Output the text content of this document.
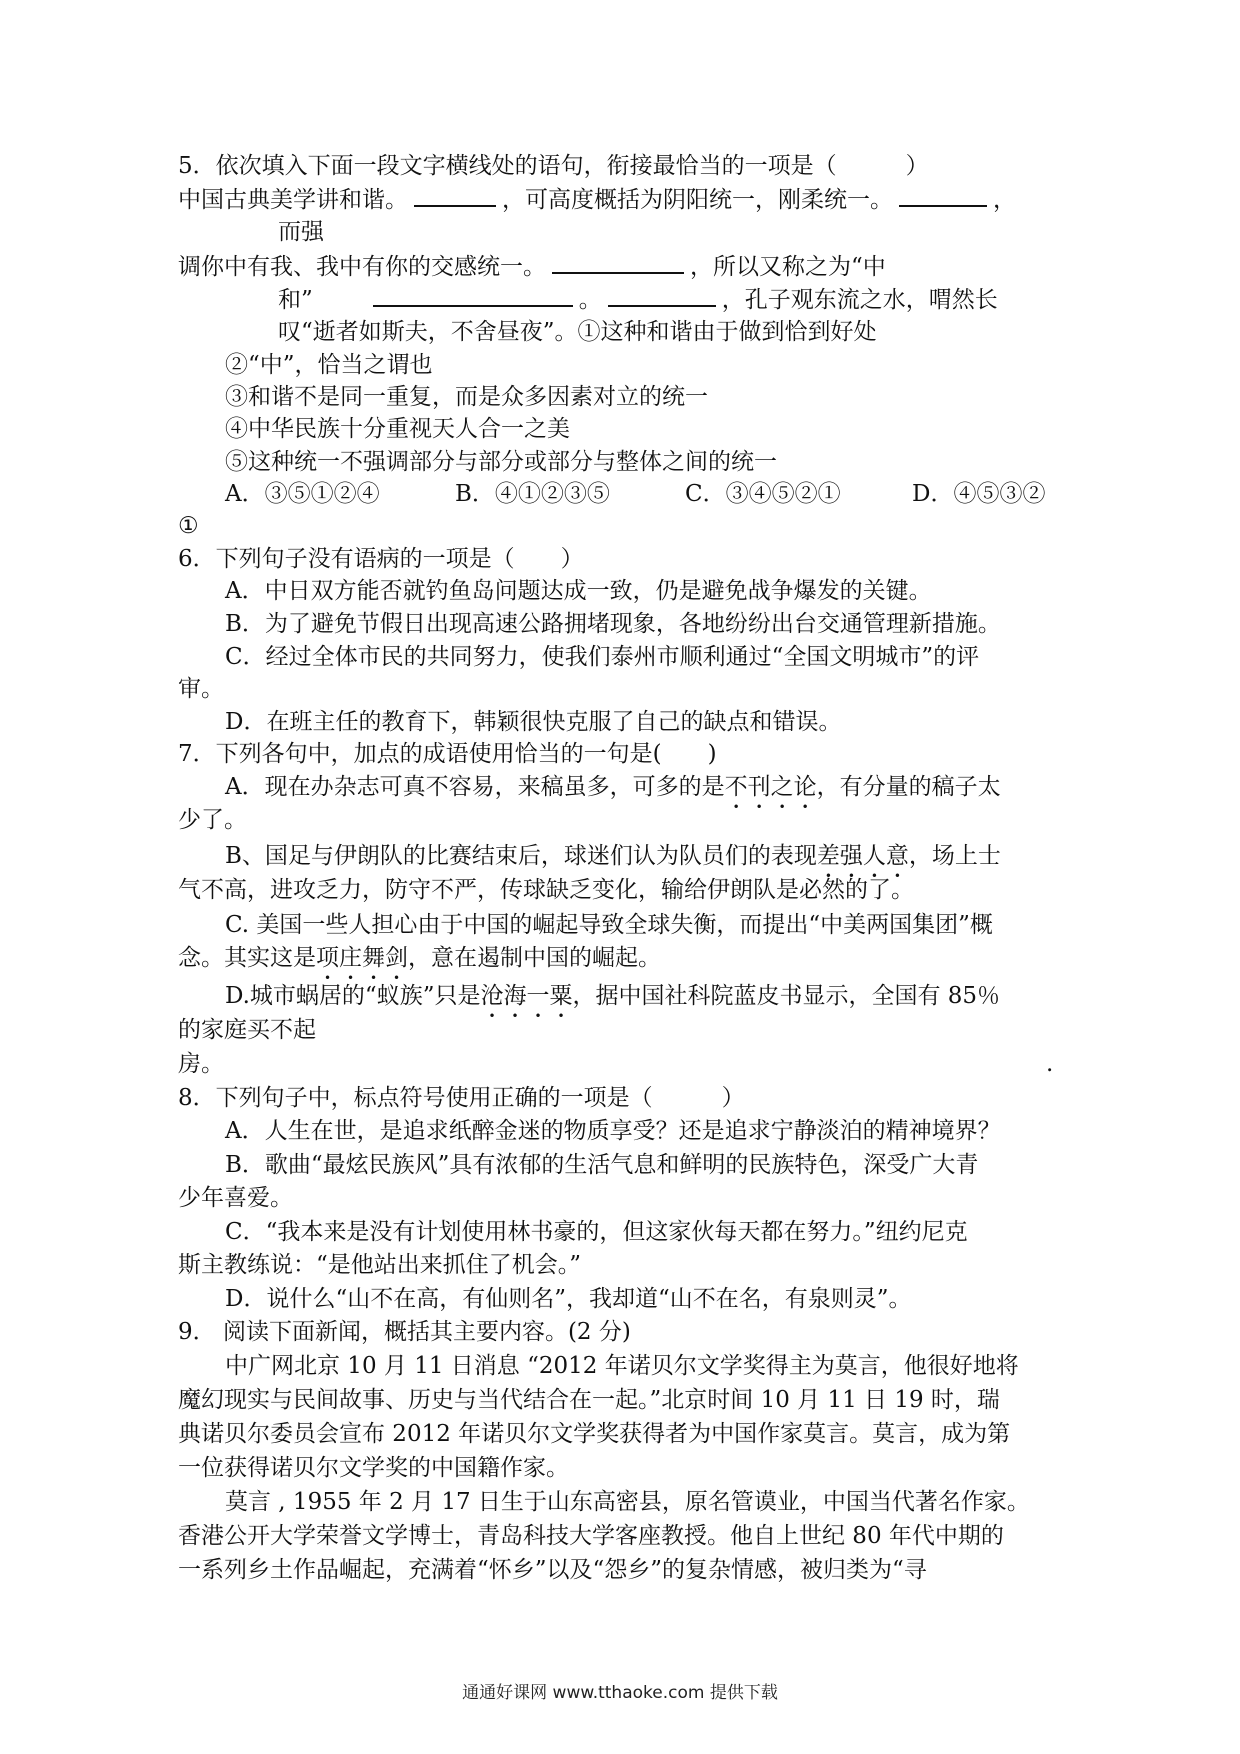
5．依次填入下面一段文字横线处的语句，衔接最恰当的一项是（　　　）
中国古典美学讲和谐。	，可高度概括为阴阳统一，刚柔统一。	，
而强
调你中有我、我中有你的交感统一。	，所以又称之为“中
和”	。	，孔子观东流之水，喟然长
叹“逝者如斯夫，不舍昼夜”。①这种和谐由于做到恰到好处
②“中”，恰当之谓也
③和谐不是同一重复，而是众多因素对立的统一
④中华民族十分重视天人合一之美
⑤这种统一不强调部分与部分或部分与整体之间的统一
A．③⑤①②④	B．④①②③⑤	C．③④⑤②①	D．④⑤③②
①
6．下列句子没有语病的一项是（　　）
A．中日双方能否就钓鱼岛问题达成一致，仍是避免战争爆发的关键。
B．为了避免节假日出现高速公路拥堵现象，各地纷纷出台交通管理新措施。
C．经过全体市民的共同努力，使我们泰州市顺利通过“全国文明城市”的评
审。
D．在班主任的教育下，韩颖很快克服了自己的缺点和错误。
7．下列各句中，加点的成语使用恰当的一句是(　　)
A．现在办杂志可真不容易，来稿虽多，可多的是不刊之论，有分量的稿子太
少了。
B、国足与伊朗队的比赛结束后，球迷们认为队员们的表现差强人意，场上士
气不高，进攻乏力，防守不严，传球缺乏变化，输给伊朗队是必然的了。
C. 美国一些人担心由于中国的崛起导致全球失衡，而提出“中美两国集团”概
念。其实这是项庄舞剑，意在遏制中国的崛起。
D.城市蜗居的“蚁族”只是沧海一粟，据中国社科院蓝皮书显示，全国有 85％
的家庭买不起
房。	.
8．下列句子中，标点符号使用正确的一项是（　　　）
A．人生在世，是追求纸醉金迷的物质享受？还是追求宁静淡泊的精神境界？
B．歌曲“最炫民族风”具有浓郁的生活气息和鲜明的民族特色，深受广大青
少年喜爱。
C．“我本来是没有计划使用林书豪的，但这家伙每天都在努力。”纽约尼克
斯主教练说：“是他站出来抓住了机会。”
D．说什么“山不在高，有仙则名”，我却道“山不在名，有泉则灵”。
9． 阅读下面新闻，概括其主要内容。(2 分)
中广网北京 10 月 11 日消息 “2012 年诺贝尔文学奖得主为莫言，他很好地将
魔幻现实与民间故事、历史与当代结合在一起。”北京时间 10 月 11 日 19 时，瑞
典诺贝尔委员会宣布 2012 年诺贝尔文学奖获得者为中国作家莫言。莫言，成为第
一位获得诺贝尔文学奖的中国籍作家。
莫言 , 1955 年 2 月 17 日生于山东高密县，原名管谟业，中国当代著名作家。
香港公开大学荣誉文学博士，青岛科技大学客座教授。他自上世纪 80 年代中期的
一系列乡土作品崛起，充满着“怀乡”以及“怨乡”的复杂情感，被归类为“寻
通通好课网 www.tthaoke.com 提供下载
